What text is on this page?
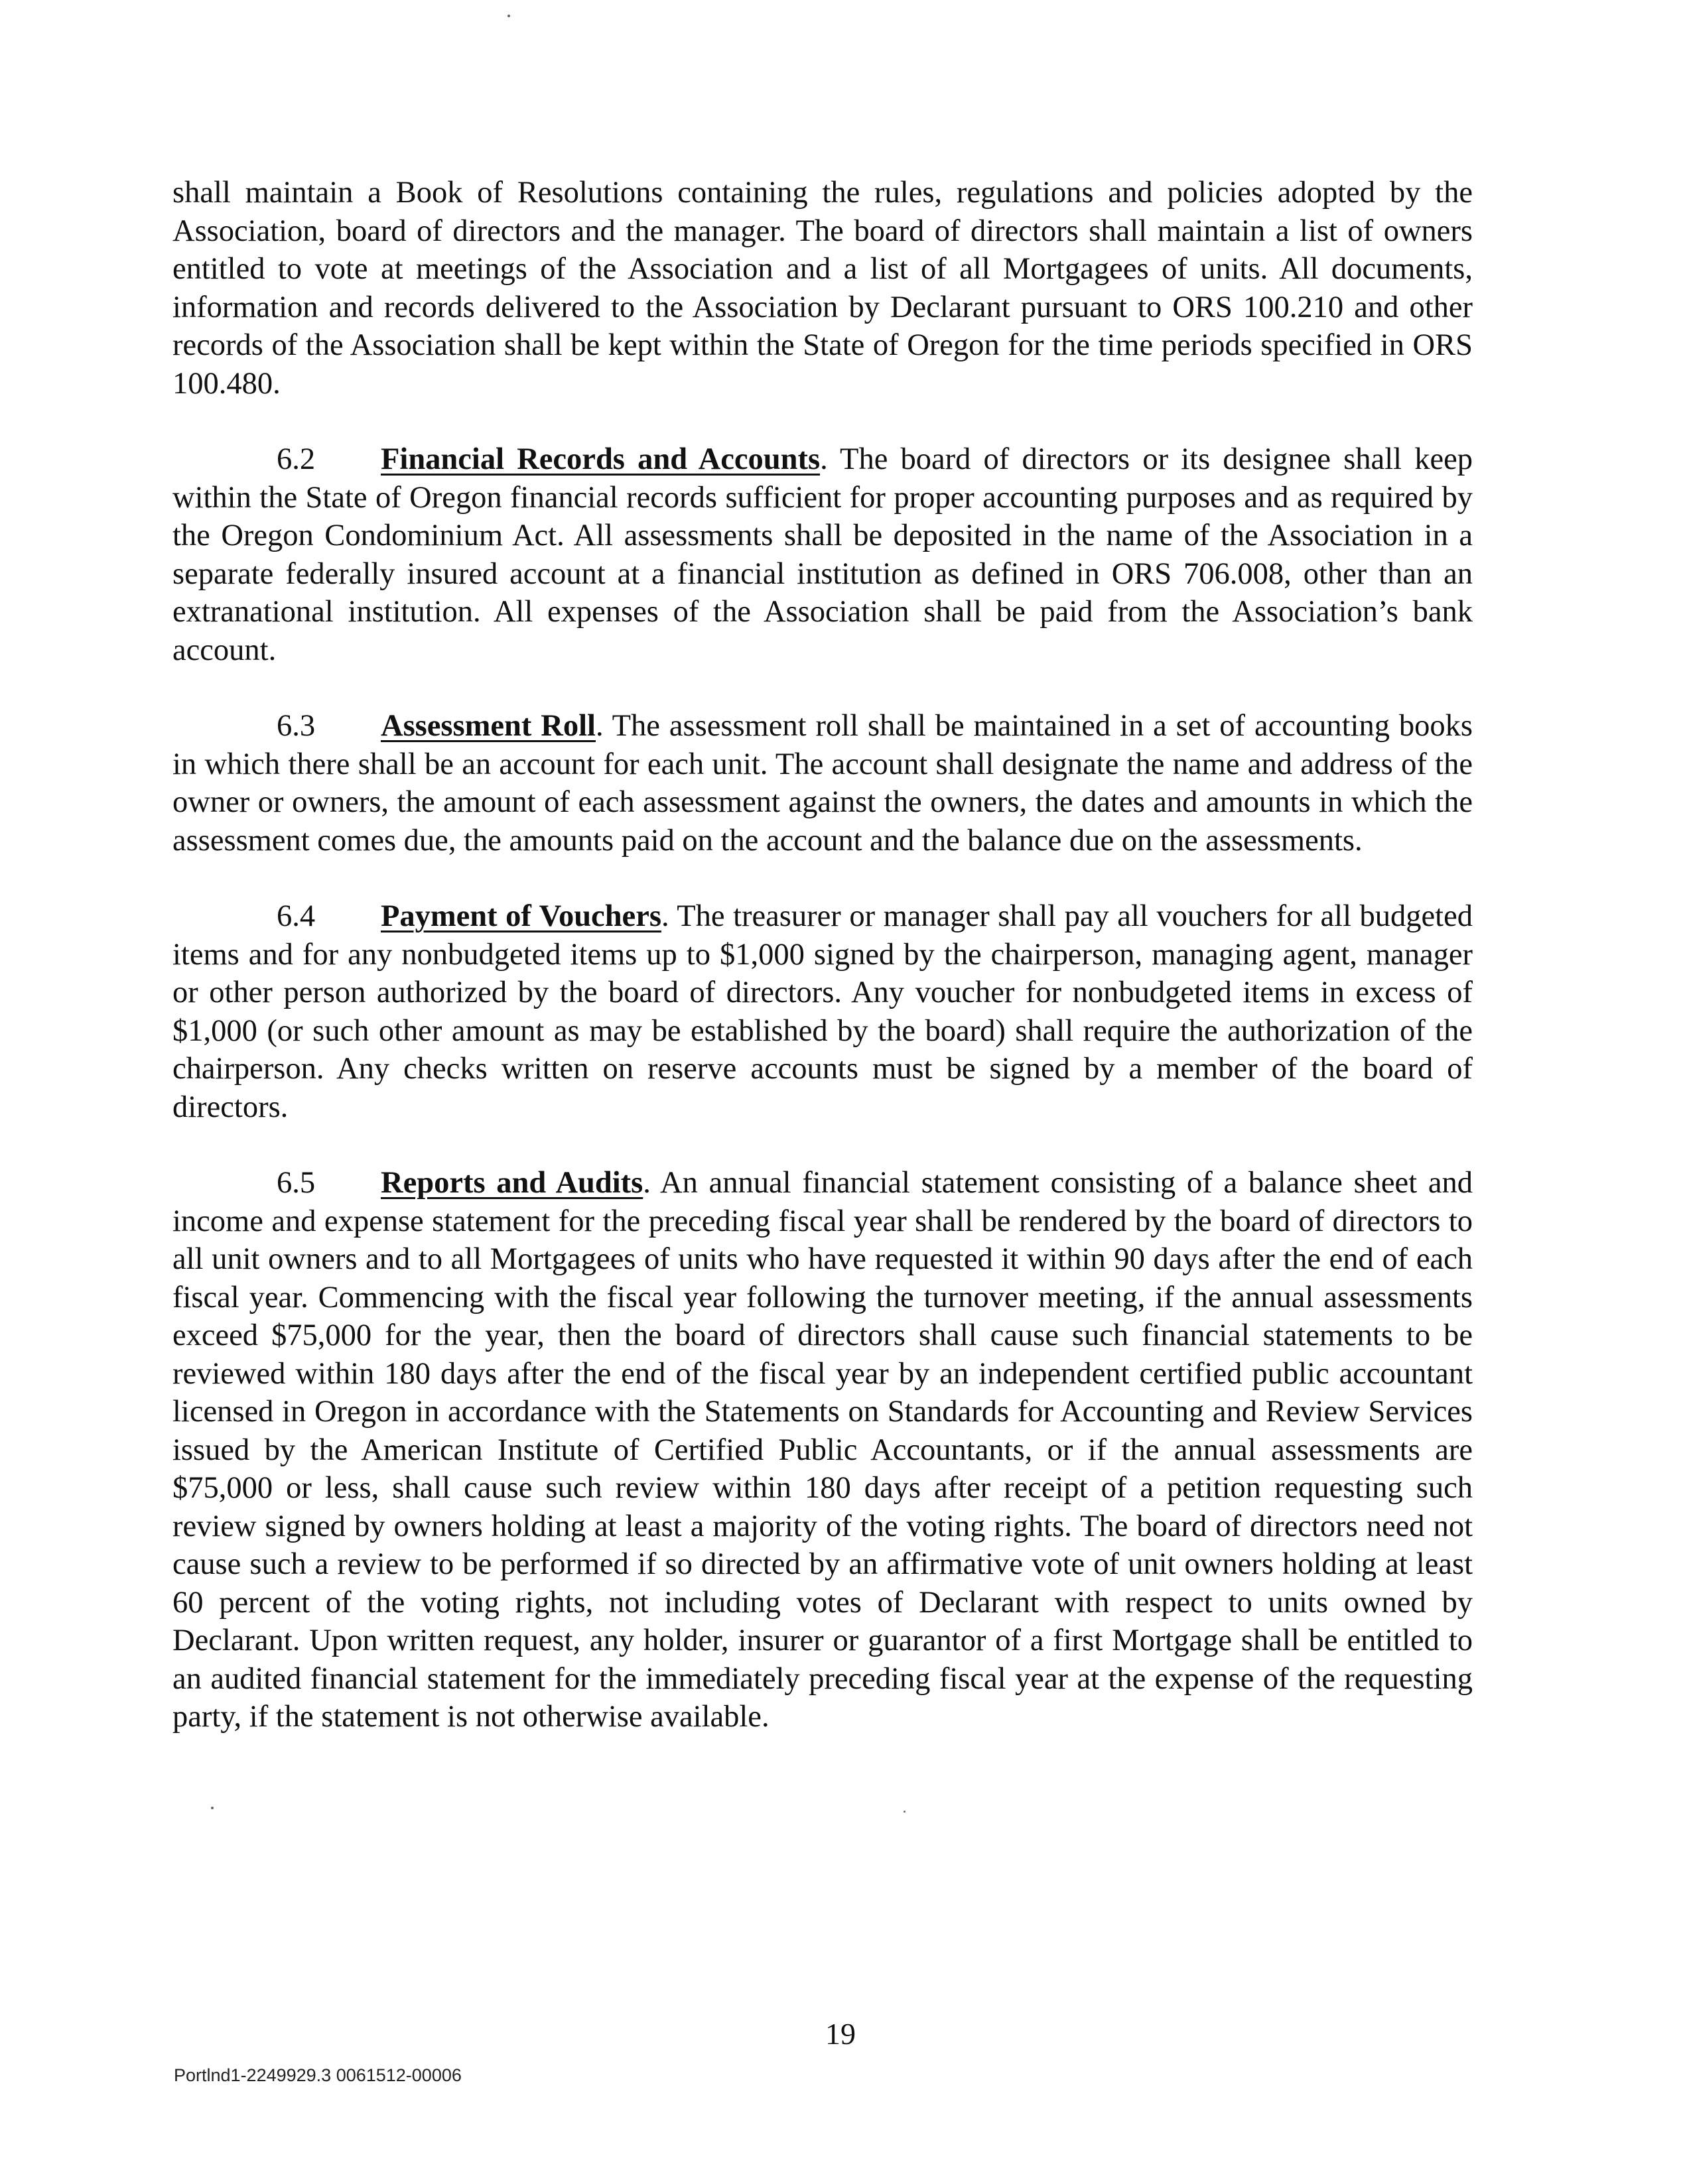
shall maintain a Book of Resolutions containing the rules, regulations and policies adopted by the Association, board of directors and the manager. The board of directors shall maintain a list of owners entitled to vote at meetings of the Association and a list of all Mortgagees of units. All documents, information and records delivered to the Association by Declarant pursuant to ORS 100.210 and other records of the Association shall be kept within the State of Oregon for the time periods specified in ORS 100.480.

6.2 Financial Records and Accounts. The board of directors or its designee shall keep within the State of Oregon financial records sufficient for proper accounting purposes and as required by the Oregon Condominium Act. All assessments shall be deposited in the name of the Association in a separate federally insured account at a financial institution as defined in ORS 706.008, other than an extranational institution. All expenses of the Association shall be paid from the Association’s bank account.

6.3 Assessment Roll. The assessment roll shall be maintained in a set of accounting books in which there shall be an account for each unit. The account shall designate the name and address of the owner or owners, the amount of each assessment against the owners, the dates and amounts in which the assessment comes due, the amounts paid on the account and the balance due on the assessments.

6.4 Payment of Vouchers. The treasurer or manager shall pay all vouchers for all budgeted items and for any nonbudgeted items up to $1,000 signed by the chairperson, managing agent, manager or other person authorized by the board of directors. Any voucher for nonbudgeted items in excess of $1,000 (or such other amount as may be established by the board) shall require the authorization of the chairperson. Any checks written on reserve accounts must be signed by a member of the board of directors.

6.5 Reports and Audits. An annual financial statement consisting of a balance sheet and income and expense statement for the preceding fiscal year shall be rendered by the board of directors to all unit owners and to all Mortgagees of units who have requested it within 90 days after the end of each fiscal year. Commencing with the fiscal year following the turnover meeting, if the annual assessments exceed $75,000 for the year, then the board of directors shall cause such financial statements to be reviewed within 180 days after the end of the fiscal year by an independent certified public accountant licensed in Oregon in accordance with the Statements on Standards for Accounting and Review Services issued by the American Institute of Certified Public Accountants, or if the annual assessments are $75,000 or less, shall cause such review within 180 days after receipt of a petition requesting such review signed by owners holding at least a majority of the voting rights. The board of directors need not cause such a review to be performed if so directed by an affirmative vote of unit owners holding at least 60 percent of the voting rights, not including votes of Declarant with respect to units owned by Declarant. Upon written request, any holder, insurer or guarantor of a first Mortgage shall be entitled to an audited financial statement for the immediately preceding fiscal year at the expense of the requesting party, if the statement is not otherwise available.

19
Portlnd1-2249929.3 0061512-00006
